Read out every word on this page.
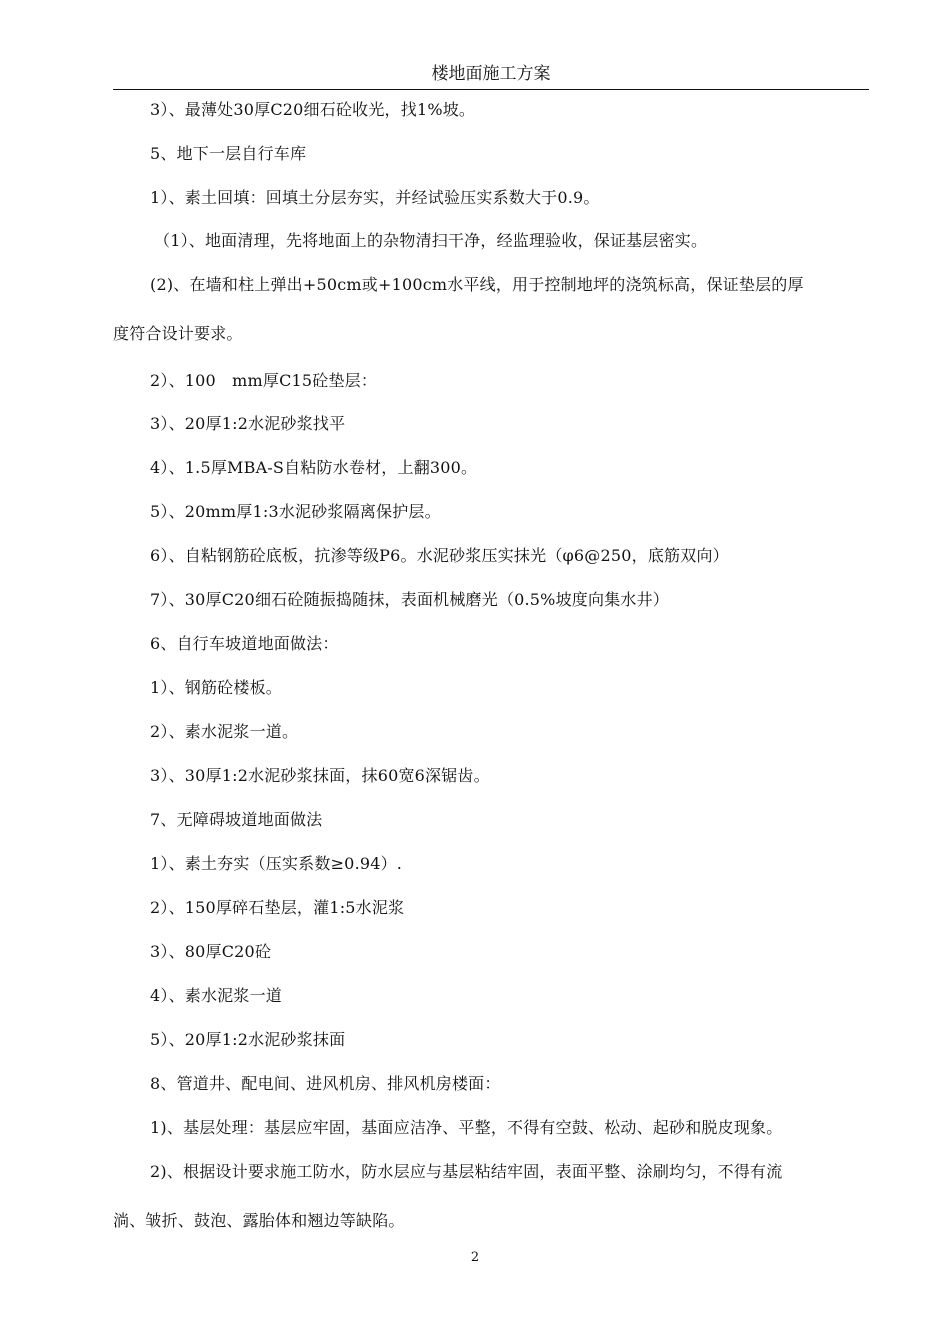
楼地面施工方案
3）、最薄处30厚C20细石砼收光，找1%坡。
5、地下一层自行车库
1）、素土回填：回填土分层夯实，并经试验压实系数大于0.9。
（1）、地面清理，先将地面上的杂物清扫干净，经监理验收，保证基层密实。
(2)、在墙和柱上弹出+50cm或+100cm水平线，用于控制地坪的浇筑标高，保证垫层的厚
度符合设计要求。
2）、100　mm厚C15砼垫层：
3）、20厚1:2水泥砂浆找平
4）、1.5厚MBA-S自粘防水卷材，上翻300。
5）、20mm厚1:3水泥砂浆隔离保护层。
6）、自粘钢筋砼底板，抗渗等级P6。水泥砂浆压实抹光（φ6@250，底筋双向）
7）、30厚C20细石砼随振捣随抹，表面机械磨光（0.5%坡度向集水井）
6、自行车坡道地面做法：
1）、钢筋砼楼板。
2）、素水泥浆一道。
3）、30厚1:2水泥砂浆抹面，抹60宽6深锯齿。
7、无障碍坡道地面做法
1）、素土夯实（压实系数≥0.94）.
2）、150厚碎石垫层，灌1:5水泥浆
3）、80厚C20砼
4）、素水泥浆一道
5）、20厚1:2水泥砂浆抹面
8、管道井、配电间、进风机房、排风机房楼面：
1)、基层处理：基层应牢固，基面应洁净、平整，不得有空鼓、松动、起砂和脱皮现象。
2)、根据设计要求施工防水，防水层应与基层粘结牢固，表面平整、涂刷均匀，不得有流
淌、皱折、鼓泡、露胎体和翘边等缺陷。
2
